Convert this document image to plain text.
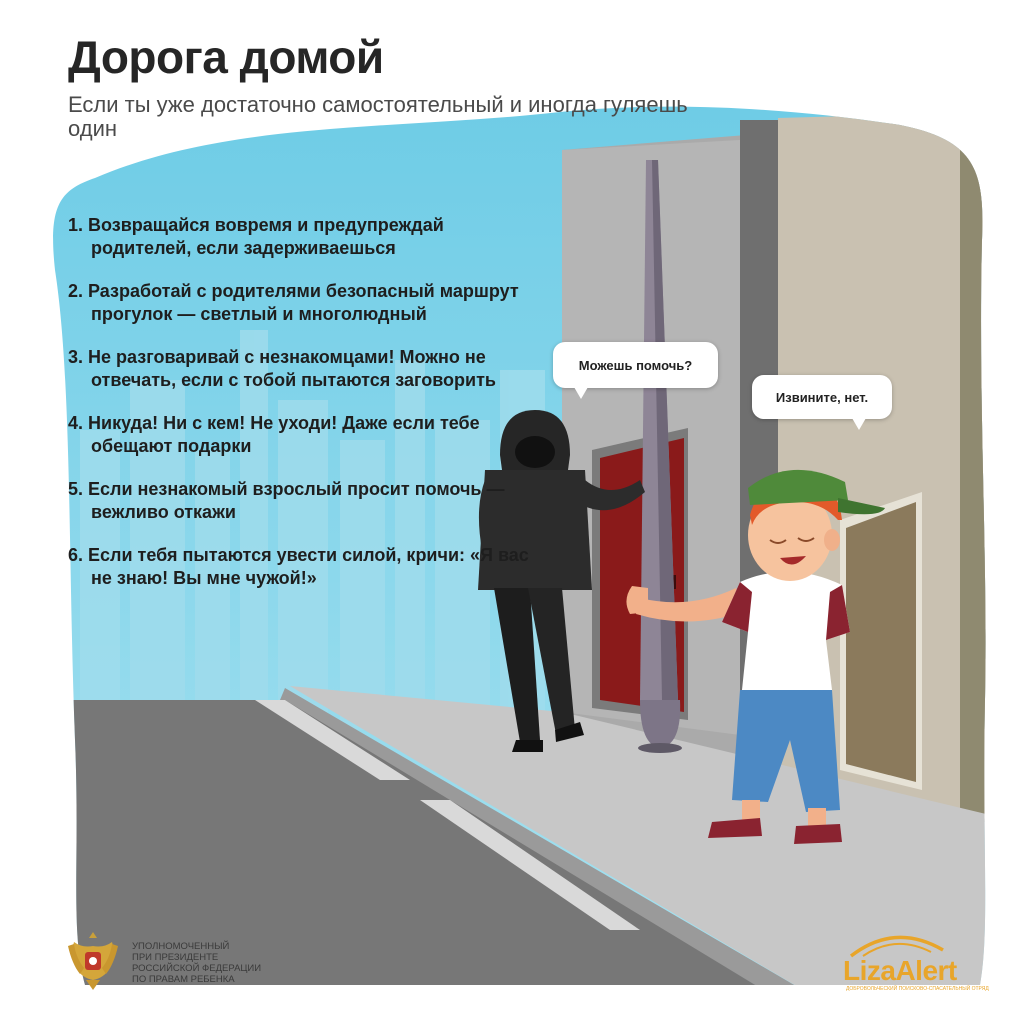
Дорога домой

Если ты уже достаточно самостоятельный и иногда гуляешь один

1. Возвращайся вовремя и предупреждай родителей, если задерживаешься
2. Разработай с родителями безопасный маршрут прогулок — светлый и многолюдный
3. Не разговаривай с незнакомцами! Можно не отвечать, если с тобой пытаются заговорить
4. Никуда! Ни с кем! Не уходи! Даже если тебе обещают подарки
5. Если незнакомый взрослый просит помочь — вежливо откажи
6. Если тебя пытаются увести силой, кричи: «Я вас не знаю! Вы мне чужой!»
Можешь помочь?
Извините, нет.

УПОЛНОМОЧЕННЫЙ
ПРИ ПРЕЗИДЕНТЕ
РОССИЙСКОЙ ФЕДЕРАЦИИ
ПО ПРАВАМ РЕБЕНКА	LizaAlert
ДОБРОВОЛЬЧЕСКИЙ ПОИСКОВО-СПАСАТЕЛЬНЫЙ ОТРЯД
